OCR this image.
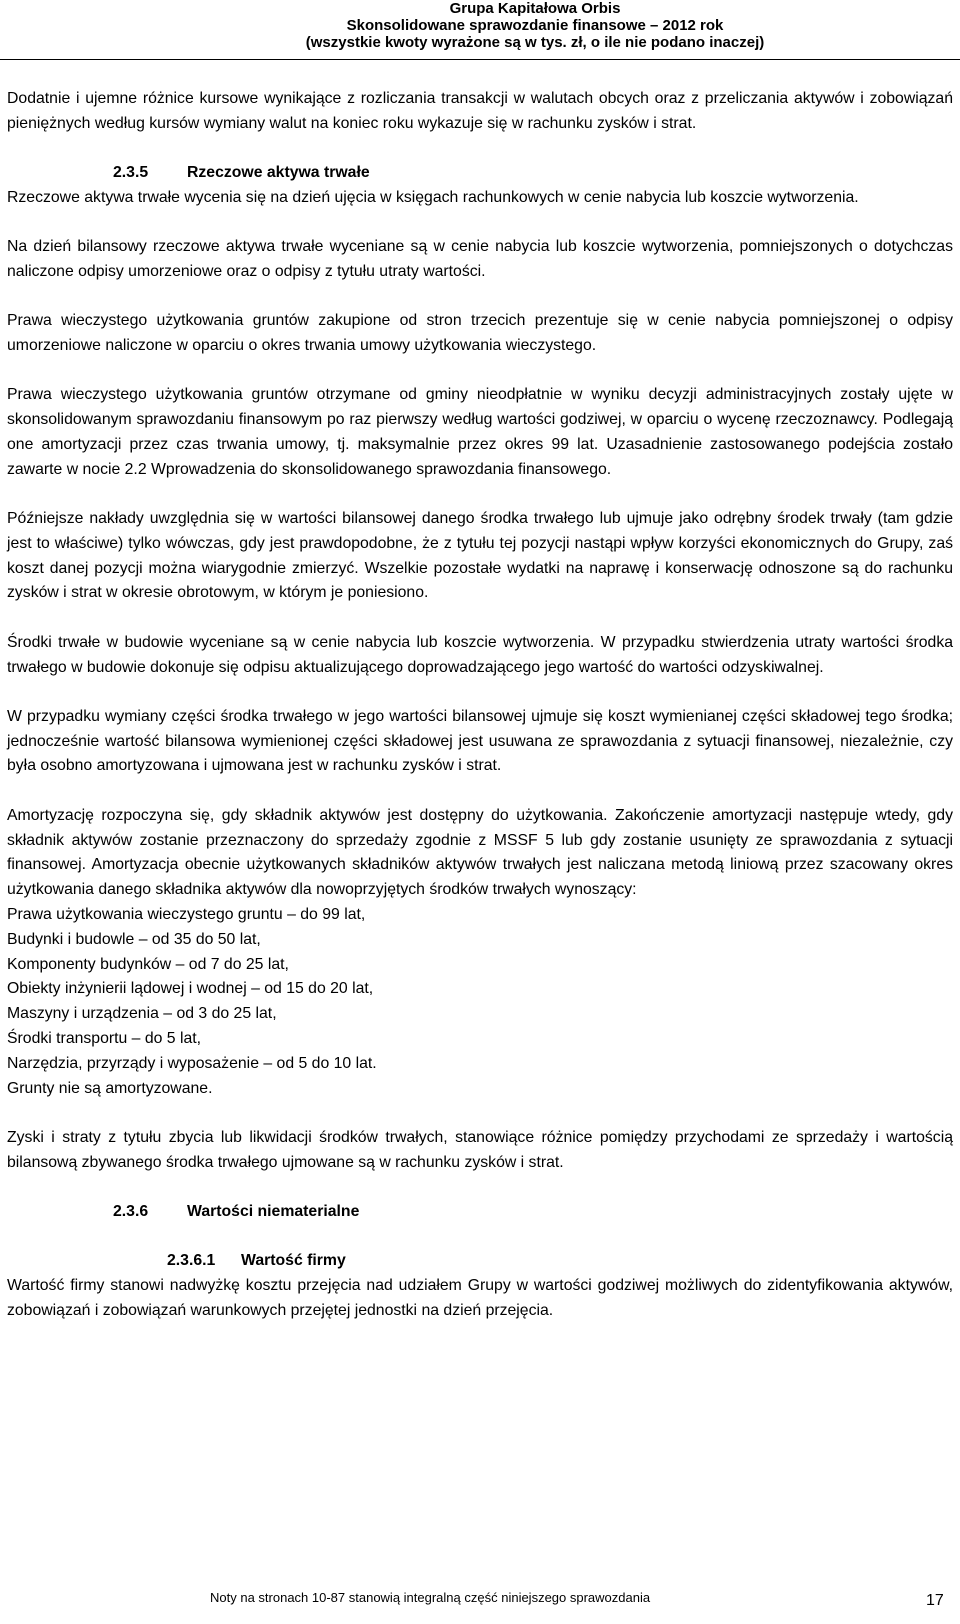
Grupa Kapitałowa Orbis
Skonsolidowane sprawozdanie finansowe – 2012 rok
(wszystkie kwoty wyrażone są w tys. zł, o ile nie podano inaczej)

Dodatnie i ujemne różnice kursowe wynikające z rozliczania transakcji w walutach obcych oraz z przeliczania aktywów i zobowiązań pieniężnych według kursów wymiany walut na koniec roku wykazuje się w rachunku zysków i strat.

2.3.5 Rzeczowe aktywa trwałe

Rzeczowe aktywa trwałe wycenia się na dzień ujęcia w księgach rachunkowych w cenie nabycia lub koszcie wytworzenia.

Na dzień bilansowy rzeczowe aktywa trwałe wyceniane są w cenie nabycia lub koszcie wytworzenia, pomniejszonych o dotychczas naliczone odpisy umorzeniowe oraz o odpisy z tytułu utraty wartości.

Prawa wieczystego użytkowania gruntów zakupione od stron trzecich prezentuje się w cenie nabycia pomniejszonej o odpisy umorzeniowe naliczone w oparciu o okres trwania umowy użytkowania wieczystego.

Prawa wieczystego użytkowania gruntów otrzymane od gminy nieodpłatnie w wyniku decyzji administracyjnych zostały ujęte w skonsolidowanym sprawozdaniu finansowym po raz pierwszy według wartości godziwej, w oparciu o wycenę rzeczoznawcy. Podlegają one amortyzacji przez czas trwania umowy, tj. maksymalnie przez okres 99 lat. Uzasadnienie zastosowanego podejścia zostało zawarte w nocie 2.2 Wprowadzenia do skonsolidowanego sprawozdania finansowego.

Późniejsze nakłady uwzględnia się w wartości bilansowej danego środka trwałego lub ujmuje jako odrębny środek trwały (tam gdzie jest to właściwe) tylko wówczas, gdy jest prawdopodobne, że z tytułu tej pozycji nastąpi wpływ korzyści ekonomicznych do Grupy, zaś koszt danej pozycji można wiarygodnie zmierzyć. Wszelkie pozostałe wydatki na naprawę i konserwację odnoszone są do rachunku zysków i strat w okresie obrotowym, w którym je poniesiono.

Środki trwałe w budowie wyceniane są w cenie nabycia lub koszcie wytworzenia. W przypadku stwierdzenia utraty wartości środka trwałego w budowie dokonuje się odpisu aktualizującego doprowadzającego jego wartość do wartości odzyskiwalnej.

W przypadku wymiany części środka trwałego w jego wartości bilansowej ujmuje się koszt wymienianej części składowej tego środka; jednocześnie wartość bilansowa wymienionej części składowej jest usuwana ze sprawozdania z sytuacji finansowej, niezależnie, czy była osobno amortyzowana i ujmowana jest w rachunku zysków i strat.

Amortyzację rozpoczyna się, gdy składnik aktywów jest dostępny do użytkowania. Zakończenie amortyzacji następuje wtedy, gdy składnik aktywów zostanie przeznaczony do sprzedaży zgodnie z MSSF 5 lub gdy zostanie usunięty ze sprawozdania z sytuacji finansowej. Amortyzacja obecnie użytkowanych składników aktywów trwałych jest naliczana metodą liniową przez szacowany okres użytkowania danego składnika aktywów dla nowoprzyjętych środków trwałych wynoszący:

Prawa użytkowania wieczystego gruntu – do 99 lat,
Budynki i budowle – od 35 do 50 lat,
Komponenty budynków – od 7 do 25 lat,
Obiekty inżynierii lądowej i wodnej – od 15 do 20 lat,
Maszyny i urządzenia – od 3 do 25 lat,
Środki transportu – do 5 lat,
Narzędzia, przyrządy i wyposażenie – od 5 do 10 lat.
Grunty nie są amortyzowane.

Zyski i straty z tytułu zbycia lub likwidacji środków trwałych, stanowiące różnice pomiędzy przychodami ze sprzedaży i wartością bilansową zbywanego środka trwałego ujmowane są w rachunku zysków i strat.

2.3.6 Wartości niematerialne
2.3.6.1 Wartość firmy

Wartość firmy stanowi nadwyżkę kosztu przejęcia nad udziałem Grupy w wartości godziwej możliwych do zidentyfikowania aktywów, zobowiązań i zobowiązań warunkowych przejętej jednostki na dzień przejęcia.

Noty na stronach 10-87 stanowią integralną część niniejszego sprawozdania	17
